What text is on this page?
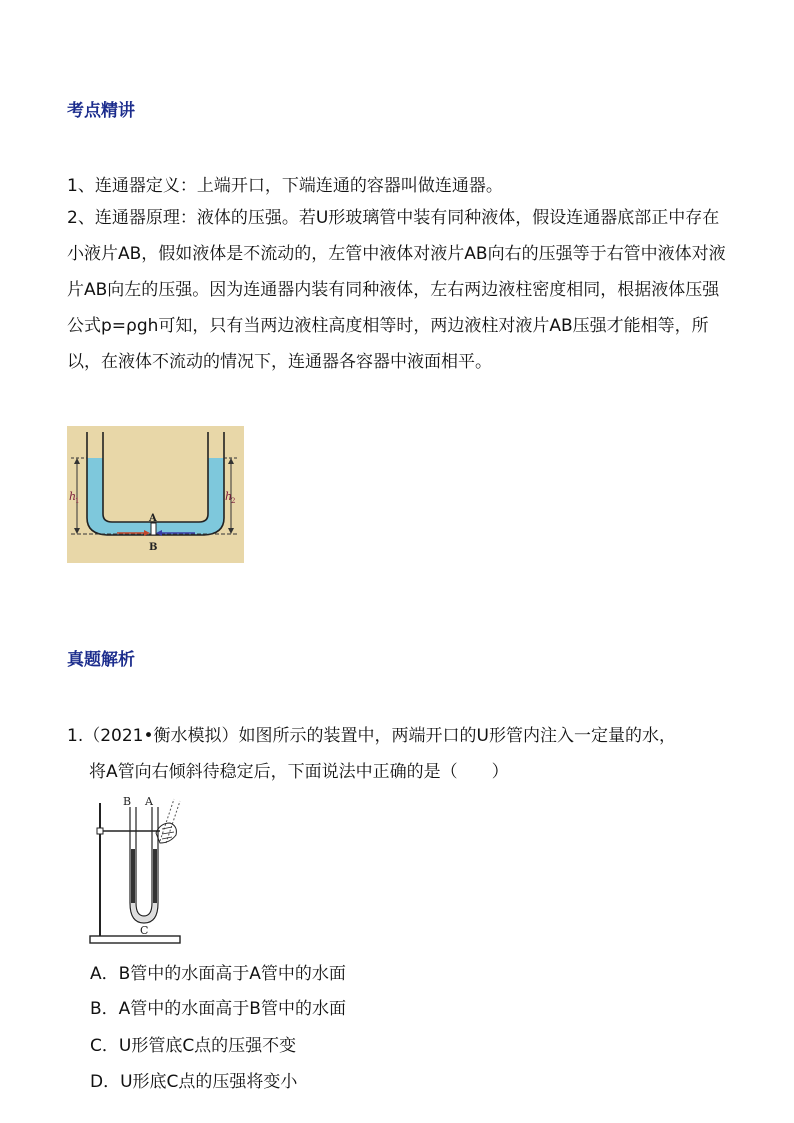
考点精讲

1、连通器定义：上端开口，下端连通的容器叫做连通器。

2、连通器原理：液体的压强。若U形玻璃管中装有同种液体，假设连通器底部正中存在小液片AB，假如液体是不流动的，左管中液体对液片AB向右的压强等于右管中液体对液片AB向左的压强。因为连通器内装有同种液体，左右两边液柱密度相同，根据液体压强公式p=ρgh可知，只有当两边液柱高度相等时，两边液柱对液片AB压强才能相等，所以，在液体不流动的情况下，连通器各容器中液面相平。

A
B
h
1	h
2
真题解析
1.（2021•衡水模拟）如图所示的装置中，两端开口的U形管内注入一定量的水，
将A管向右倾斜待稳定后，下面说法中正确的是（　　）
B A
C

A．B管中的水面高于A管中的水面

B．A管中的水面高于B管中的水面

C．U形管底C点的压强不变

D．U形底C点的压强将变小
